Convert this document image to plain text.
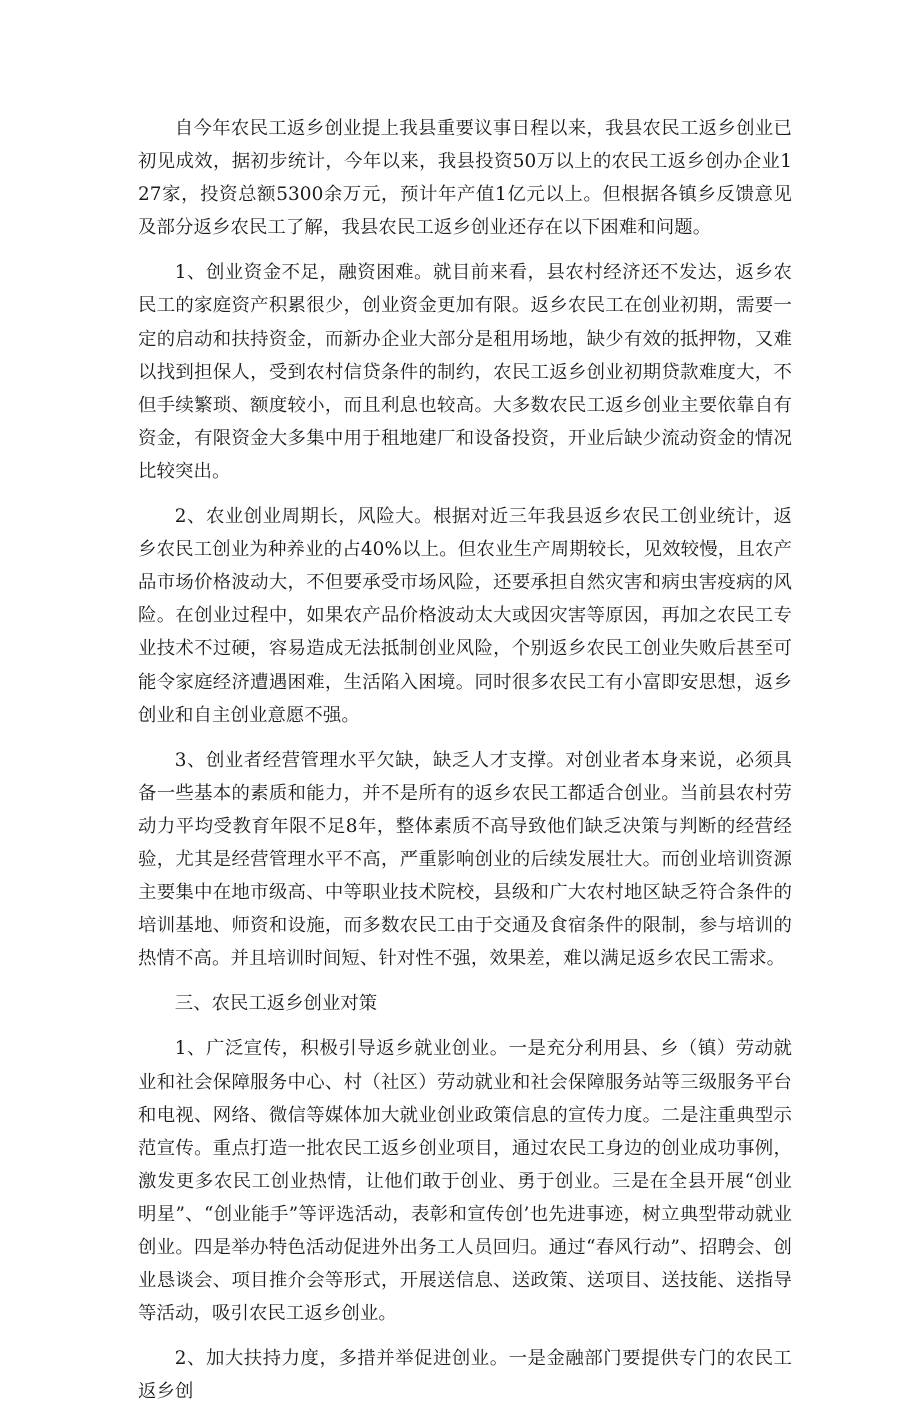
自今年农民工返乡创业提上我县重要议事日程以来，我县农民工返乡创业已初见成效，据初步统计，今年以来，我县投资50万以上的农民工返乡创办企业127家，投资总额5300余万元，预计年产值1亿元以上。但根据各镇乡反馈意见及部分返乡农民工了解，我县农民工返乡创业还存在以下困难和问题。

1、创业资金不足，融资困难。就目前来看，县农村经济还不发达，返乡农民工的家庭资产积累很少，创业资金更加有限。返乡农民工在创业初期，需要一定的启动和扶持资金，而新办企业大部分是租用场地，缺少有效的抵押物，又难以找到担保人，受到农村信贷条件的制约，农民工返乡创业初期贷款难度大，不但手续繁琐、额度较小，而且利息也较高。大多数农民工返乡创业主要依靠自有资金，有限资金大多集中用于租地建厂和设备投资，开业后缺少流动资金的情况比较突出。

2、农业创业周期长，风险大。根据对近三年我县返乡农民工创业统计，返乡农民工创业为种养业的占40%以上。但农业生产周期较长，见效较慢，且农产品市场价格波动大，不但要承受市场风险，还要承担自然灾害和病虫害疫病的风险。在创业过程中，如果农产品价格波动太大或因灾害等原因，再加之农民工专业技术不过硬，容易造成无法抵制创业风险，个别返乡农民工创业失败后甚至可能令家庭经济遭遇困难，生活陷入困境。同时很多农民工有小富即安思想，返乡创业和自主创业意愿不强。

3、创业者经营管理水平欠缺，缺乏人才支撑。对创业者本身来说，必须具备一些基本的素质和能力，并不是所有的返乡农民工都适合创业。当前县农村劳动力平均受教育年限不足8年，整体素质不高导致他们缺乏决策与判断的经营经验，尤其是经营管理水平不高，严重影响创业的后续发展壮大。而创业培训资源主要集中在地市级高、中等职业技术院校，县级和广大农村地区缺乏符合条件的培训基地、师资和设施，而多数农民工由于交通及食宿条件的限制，参与培训的热情不高。并且培训时间短、针对性不强，效果差，难以满足返乡农民工需求。

三、农民工返乡创业对策

1、广泛宣传，积极引导返乡就业创业。一是充分利用县、乡（镇）劳动就业和社会保障服务中心、村（社区）劳动就业和社会保障服务站等三级服务平台和电视、网络、微信等媒体加大就业创业政策信息的宣传力度。二是注重典型示范宣传。重点打造一批农民工返乡创业项目，通过农民工身边的创业成功事例，激发更多农民工创业热情，让他们敢于创业、勇于创业。三是在全县开展“创业明星”、“创业能手”等评选活动，表彰和宣传创’也先进事迹，树立典型带动就业创业。四是举办特色活动促进外出务工人员回归。通过“春风行动”、招聘会、创业恳谈会、项目推介会等形式，开展送信息、送政策、送项目、送技能、送指导等活动，吸引农民工返乡创业。

2、加大扶持力度，多措并举促进创业。一是金融部门要提供专门的农民工返乡创
